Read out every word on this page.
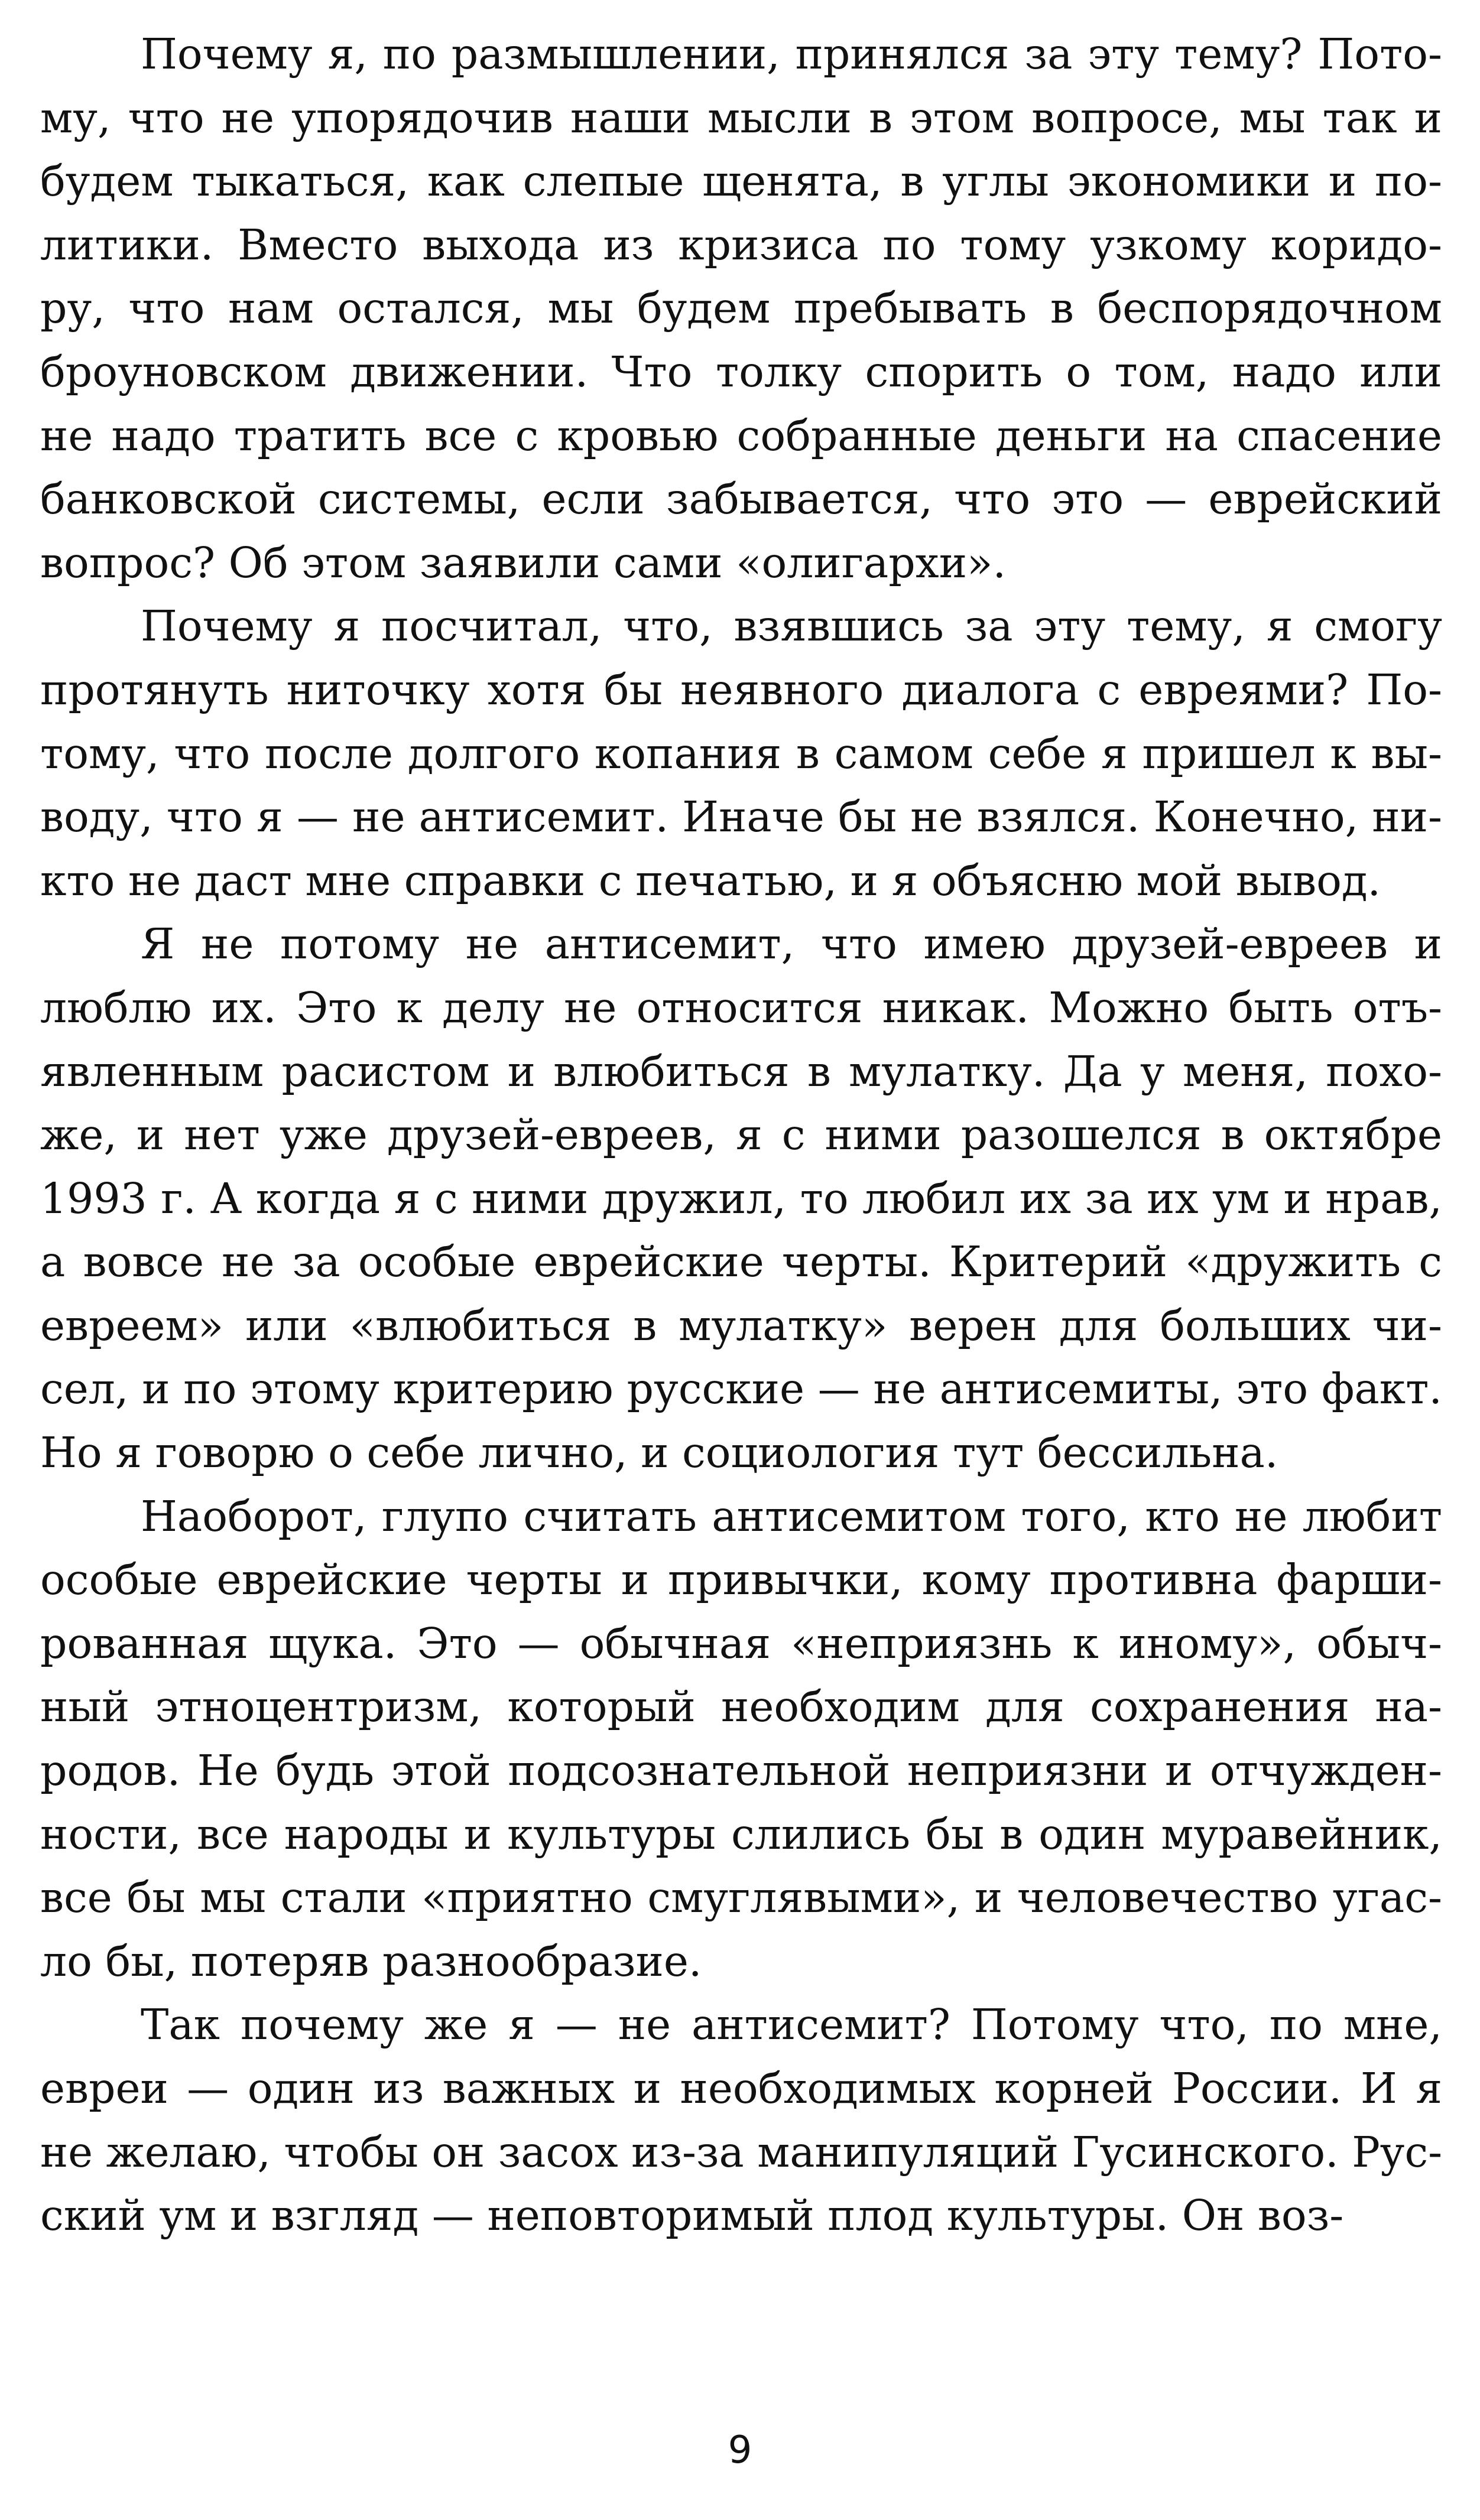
Почему я, по размышлении, принялся за эту тему? Пото-
му, что не упорядочив наши мысли в этом вопросе, мы так и
будем тыкаться, как слепые щенята, в углы экономики и по-
литики. Вместо выхода из кризиса по тому узкому коридо-
ру, что нам остался, мы будем пребывать в беспорядочном
броуновском движении. Что толку спорить о том, надо или
не надо тратить все с кровью собранные деньги на спасение
банковской системы, если забывается, что это — еврейский
вопрос? Об этом заявили сами «олигархи».
Почему я посчитал, что, взявшись за эту тему, я смогу
протянуть ниточку хотя бы неявного диалога с евреями? По-
тому, что после долгого копания в самом себе я пришел к вы-
воду, что я — не антисемит. Иначе бы не взялся. Конечно, ни-
кто не даст мне справки с печатью, и я объясню мой вывод.
Я не потому не антисемит, что имею друзей-евреев и
люблю их. Это к делу не относится никак. Можно быть отъ-
явленным расистом и влюбиться в мулатку. Да у меня, похо-
же, и нет уже друзей-евреев, я с ними разошелся в октябре
1993 г. А когда я с ними дружил, то любил их за их ум и нрав,
а вовсе не за особые еврейские черты. Критерий «дружить с
евреем» или «влюбиться в мулатку» верен для больших чи-
сел, и по этому критерию русские — не антисемиты, это факт.
Но я говорю о себе лично, и социология тут бессильна.
Наоборот, глупо считать антисемитом того, кто не любит
особые еврейские черты и привычки, кому противна фарши-
рованная щука. Это — обычная «неприязнь к иному», обыч-
ный этноцентризм, который необходим для сохранения на-
родов. Не будь этой подсознательной неприязни и отчужден-
ности, все народы и культуры слились бы в один муравейник,
все бы мы стали «приятно смуглявыми», и человечество угас-
ло бы, потеряв разнообразие.
Так почему же я — не антисемит? Потому что, по мне,
евреи — один из важных и необходимых корней России. И я
не желаю, чтобы он засох из-за манипуляций Гусинского. Рус-
ский ум и взгляд — неповторимый плод культуры. Он воз-
9
